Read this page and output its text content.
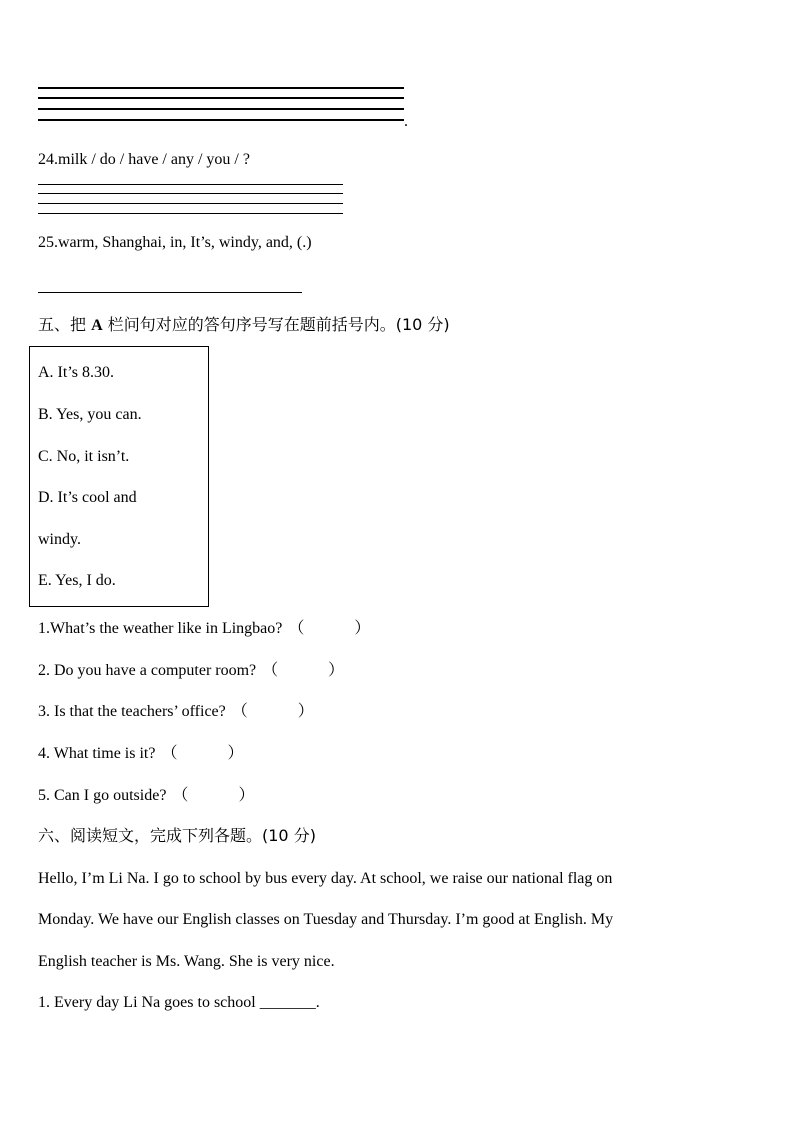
.
24.milk / do / have / any / you / ?
25.warm, Shanghai, in, It’s, windy, and, (.)
五、把 A 栏问句对应的答句序号写在题前括号内。(10 分)
A. It’s 8.30.
B. Yes, you can.
C. No, it isn’t.
D. It’s cool and
windy.
E. Yes, I do.
1.What’s the weather like in Lingbao? （	）
2. Do you have a computer room? （	）
3. Is that the teachers’ office? （	）
4. What time is it? （	）
5. Can I go outside? （	）
六、阅读短文，完成下列各题。(10 分)
Hello, I’m Li Na. I go to school by bus every day. At school, we raise our national flag on
Monday. We have our English classes on Tuesday and Thursday. I’m good at English. My
English teacher is Ms. Wang. She is very nice.
1. Every day Li Na goes to school _______.
